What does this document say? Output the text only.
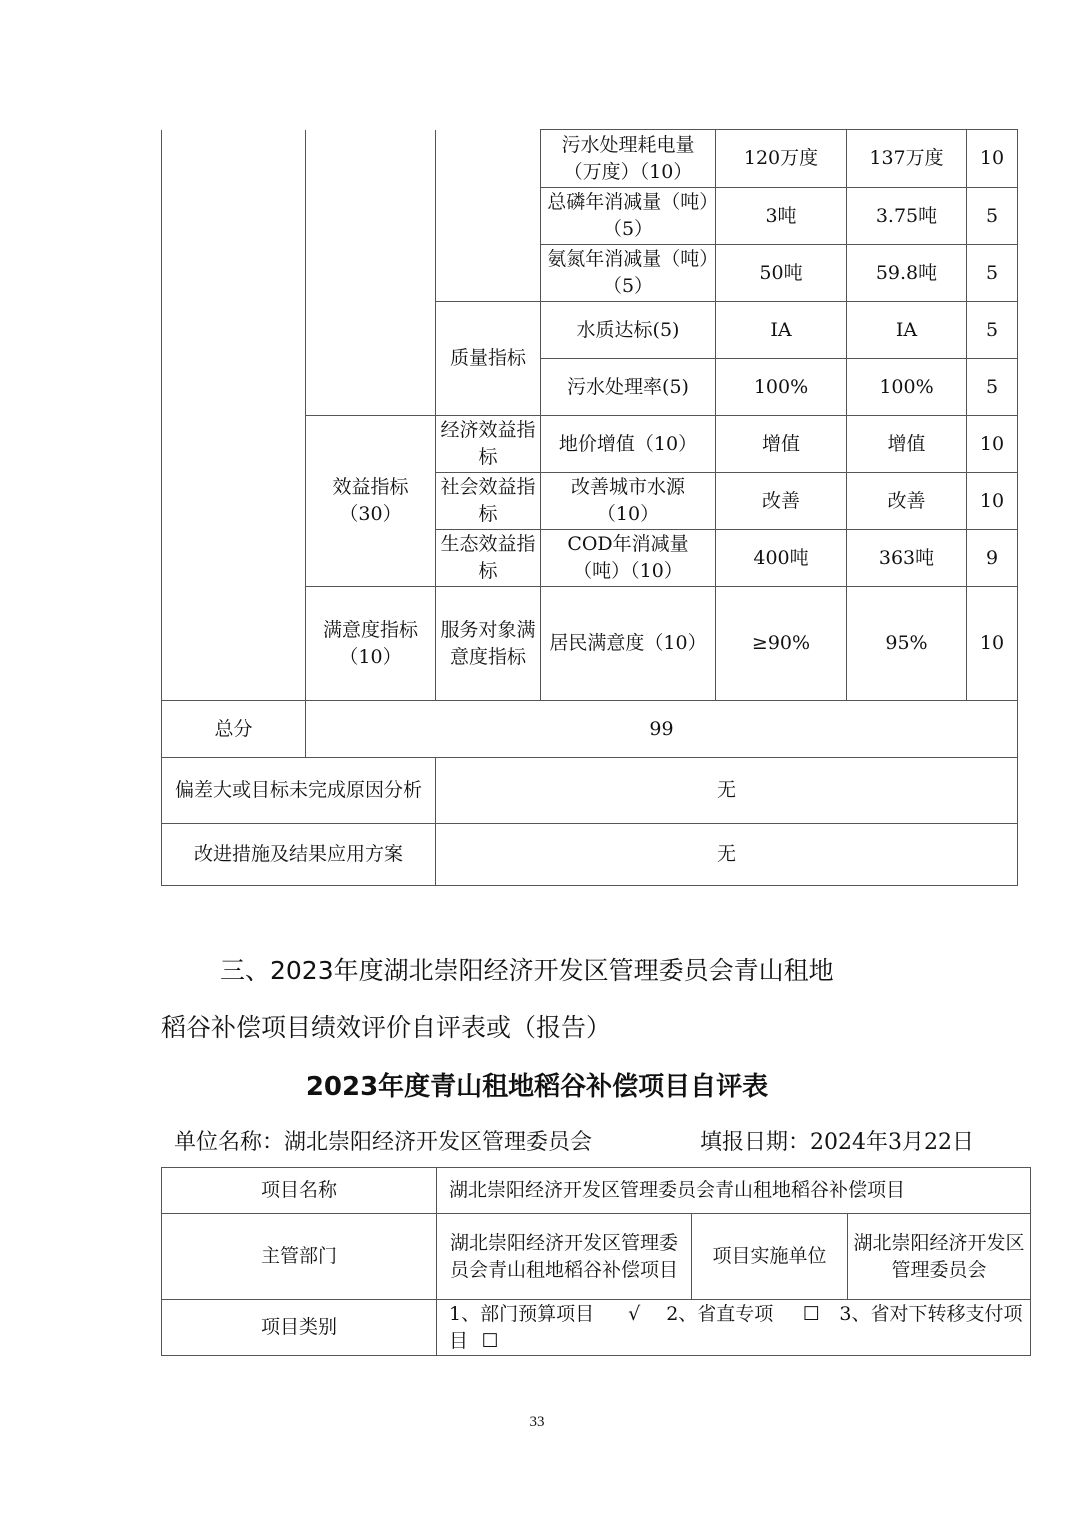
			污水处理耗电量（万度）（10）	120万度	137万度	10
			总磷年消减量（吨）（5）	3吨	3.75吨	5
			氨氮年消减量（吨）（5）	50吨	59.8吨	5
		质量指标	水质达标(5)	IA	IA	5
			污水处理率(5)	100%	100%	5
	效益指标（30）	经济效益指标	地价增值（10）	增值	增值	10
		社会效益指标	改善城市水源（10）	改善	改善	10
		生态效益指标	COD年消减量（吨）（10）	400吨	363吨	9
	满意度指标（10）	服务对象满意度指标	居民满意度（10）	≥90%	95%	10
总分	99					
偏差大或目标未完成原因分析		无				
改进措施及结果应用方案		无				
三、2023年度湖北崇阳经济开发区管理委员会青山租地
稻谷补偿项目绩效评价自评表或（报告）
2023年度青山租地稻谷补偿项目自评表
单位名称：湖北崇阳经济开发区管理委员会	填报日期：2024年3月22日
项目名称	湖北崇阳经济开发区管理委员会青山租地稻谷补偿项目		
主管部门	湖北崇阳经济开发区管理委员会青山租地稻谷补偿项目	项目实施单位	湖北崇阳经济开发区管理委员会
项目类别	1、部门预算项目 √ 2、省直专项 ☐ 3、省对下转移支付项目 ☐		
33
